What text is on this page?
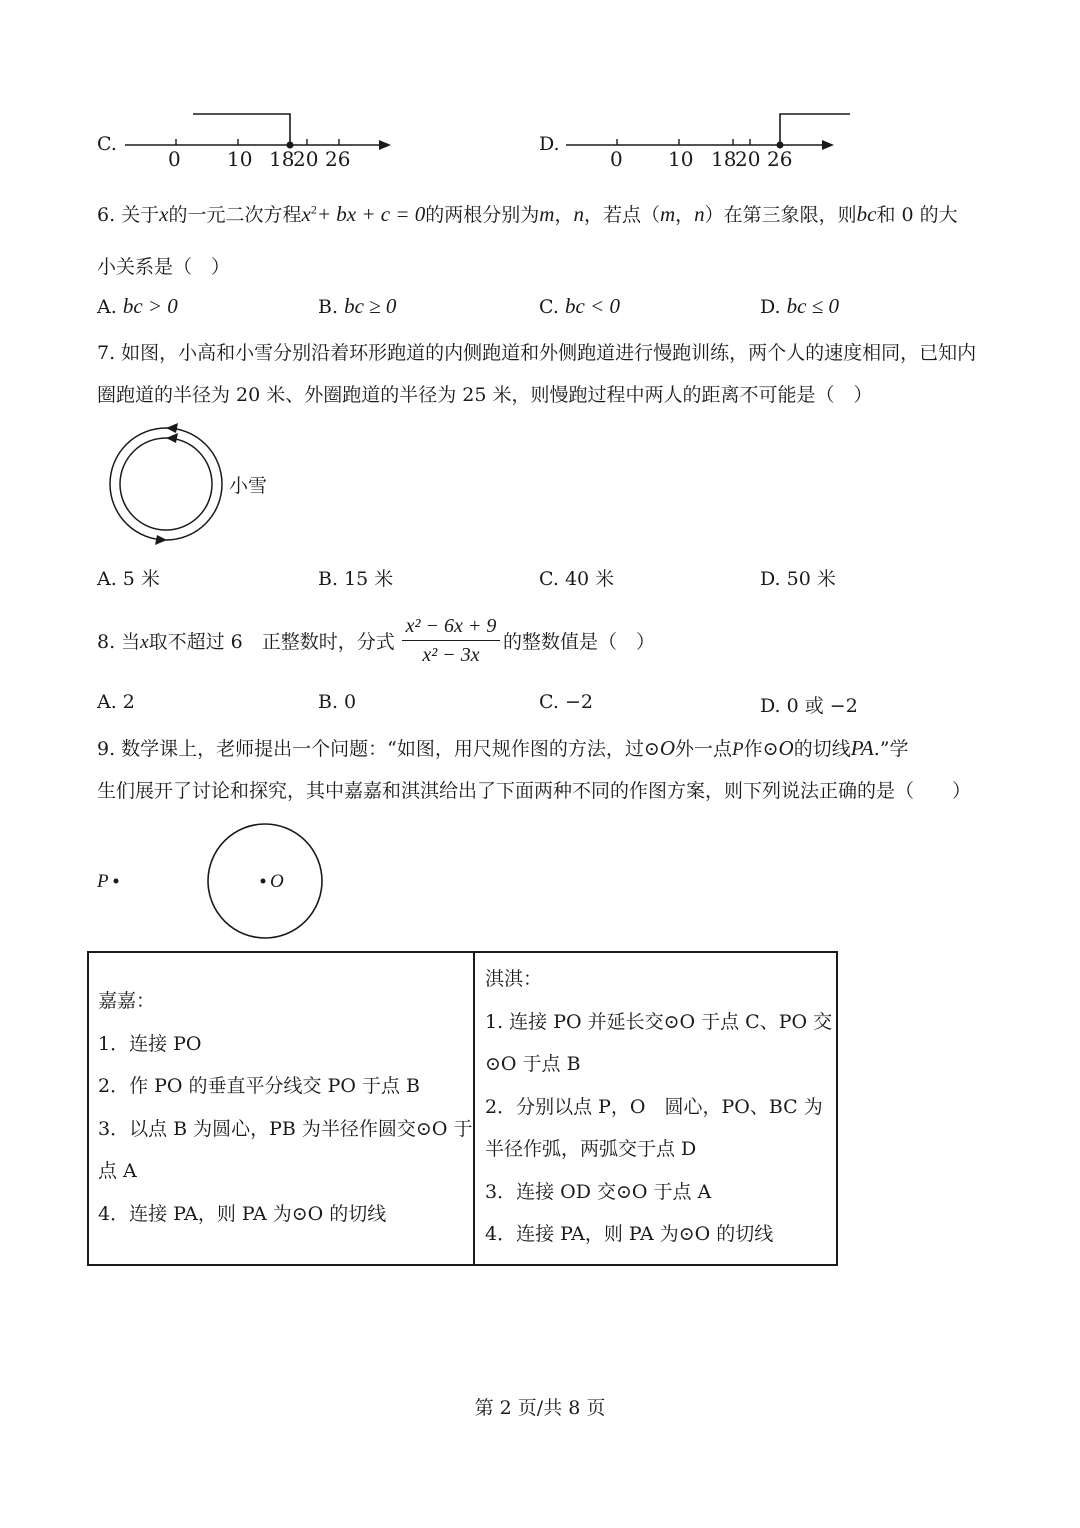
C.
0 10 18
20 26
D.
0 10 18
20 26
6. 关于x的一元二次方程$x^2+$ bx + c = 0的两根分别为m，n，若点（m，n）在第三象限，则bc和 0 的大
小关系是（　）
A. bc > 0	B. bc ≥ 0	C. bc < 0	D. bc ≤ 0
7. 如图，小高和小雪分别沿着环形跑道的内侧跑道和外侧跑道进行慢跑训练，两个人的速度相同，已知内
圈跑道的半径为 20 米、外圈跑道的半径为 25 米，则慢跑过程中两人的距离不可能是（　）
小雪
A. 5 米	B. 15 米	C. 40 米	D. 50 米
8. 当x取不超过 6　正整数时，分式
x² − 6x + 9
x² − 3x
的整数值是（　）
A. 2	B. 0	C. −2	D. 0 或 −2
9. 数学课上，老师提出一个问题：“如图，用尺规作图的方法，过⊙O外一点P作⊙O的切线PA.”学
生们展开了讨论和探究，其中嘉嘉和淇淇给出了下面两种不同的作图方案，则下列说法正确的是（　　）
O
P
嘉嘉：
1．连接 PO
2．作 PO 的垂直平分线交 PO 于点 B
3．以点 B 为圆心，PB 为半径作圆交⊙O 于
点 A
4．连接 PA，则 PA 为⊙O 的切线
淇淇：
1. 连接 PO 并延长交⊙O 于点 C、PO 交
⊙O 于点 B
2．分别以点 P，O　圆心，PO、BC 为
半径作弧，两弧交于点 D
3．连接 OD 交⊙O 于点 A
4．连接 PA，则 PA 为⊙O 的切线
第 2 页/共 8 页
